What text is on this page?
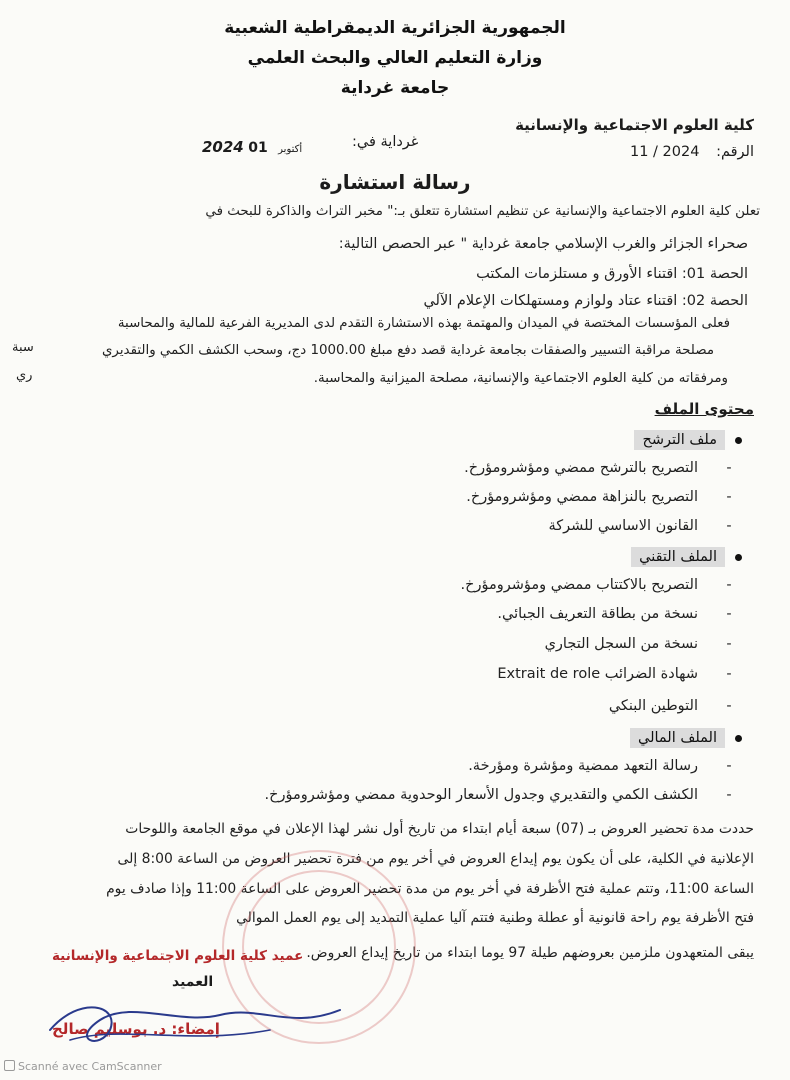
الجمهورية الجزائرية الديمقراطية الشعبية
وزارة التعليم العالي والبحث العلمي
جامعة غرداية
كلية العلوم الاجتماعية والإنسانية
الرقم: 11 / 2024
غرداية في:
2024	أكتوبر 01
رسالة استشارة
تعلن كلية العلوم الاجتماعية والإنسانية عن تنظيم استشارة تتعلق بـ:" مخبر التراث والذاكرة للبحث في
صحراء الجزائر والغرب الإسلامي جامعة غرداية " عبر الحصص التالية:
الحصة 01: اقتناء الأورق و مستلزمات المكتب
الحصة 02: اقتناء عتاد ولوازم ومستهلكات الإعلام الآلي
فعلى المؤسسات المختصة في الميدان والمهتمة بهذه الاستشارة التقدم لدى المديرية الفرعية للمالية والمحاسبة
مصلحة مراقبة التسيير والصفقات بجامعة غرداية قصد دفع مبلغ 1000.00 دج، وسحب الكشف الكمي والتقديري
ومرفقاته من كلية العلوم الاجتماعية والإنسانية، مصلحة الميزانية والمحاسبة.
سبة
ري
محتوى الملف
ملف الترشح
-التصريح بالترشح ممضي ومؤشرومؤرخ.
-التصريح بالنزاهة ممضي ومؤشرومؤرخ.
-القانون الاساسي للشركة
الملف التقني
-التصريح بالاكتتاب ممضي ومؤشرومؤرخ.
-نسخة من بطاقة التعريف الجبائي.
-نسخة من السجل التجاري
-شهادة الضرائب Extrait de role
-التوطين البنكي
الملف المالي
-رسالة التعهد ممضية ومؤشرة ومؤرخة.
-الكشف الكمي والتقديري وجدول الأسعار الوحدوية ممضي ومؤشرومؤرخ.
حددت مدة تحضير العروض بـ (07) سبعة أيام ابتداء من تاريخ أول نشر لهذا الإعلان في موقع الجامعة واللوحات
الإعلانية في الكلية، على أن يكون يوم إيداع العروض في أخر يوم من فترة تحضير العروض من الساعة 8:00 إلى
الساعة 11:00، وتتم عملية فتح الأظرفة في أخر يوم من مدة تحضير العروض على الساعة 11:00 وإذا صادف يوم
فتح الأظرفة يوم راحة قانونية أو عطلة وطنية فتتم آليا عملية التمديد إلى يوم العمل الموالي
يبقى المتعهدون ملزمين بعروضهم طيلة 97 يوما ابتداء من تاريخ إيداع العروض.
عميد كلية العلوم الاجتماعية والإنسانية
العميد
إمضاء: د. بوسليم صالح
Scanné avec CamScanner
